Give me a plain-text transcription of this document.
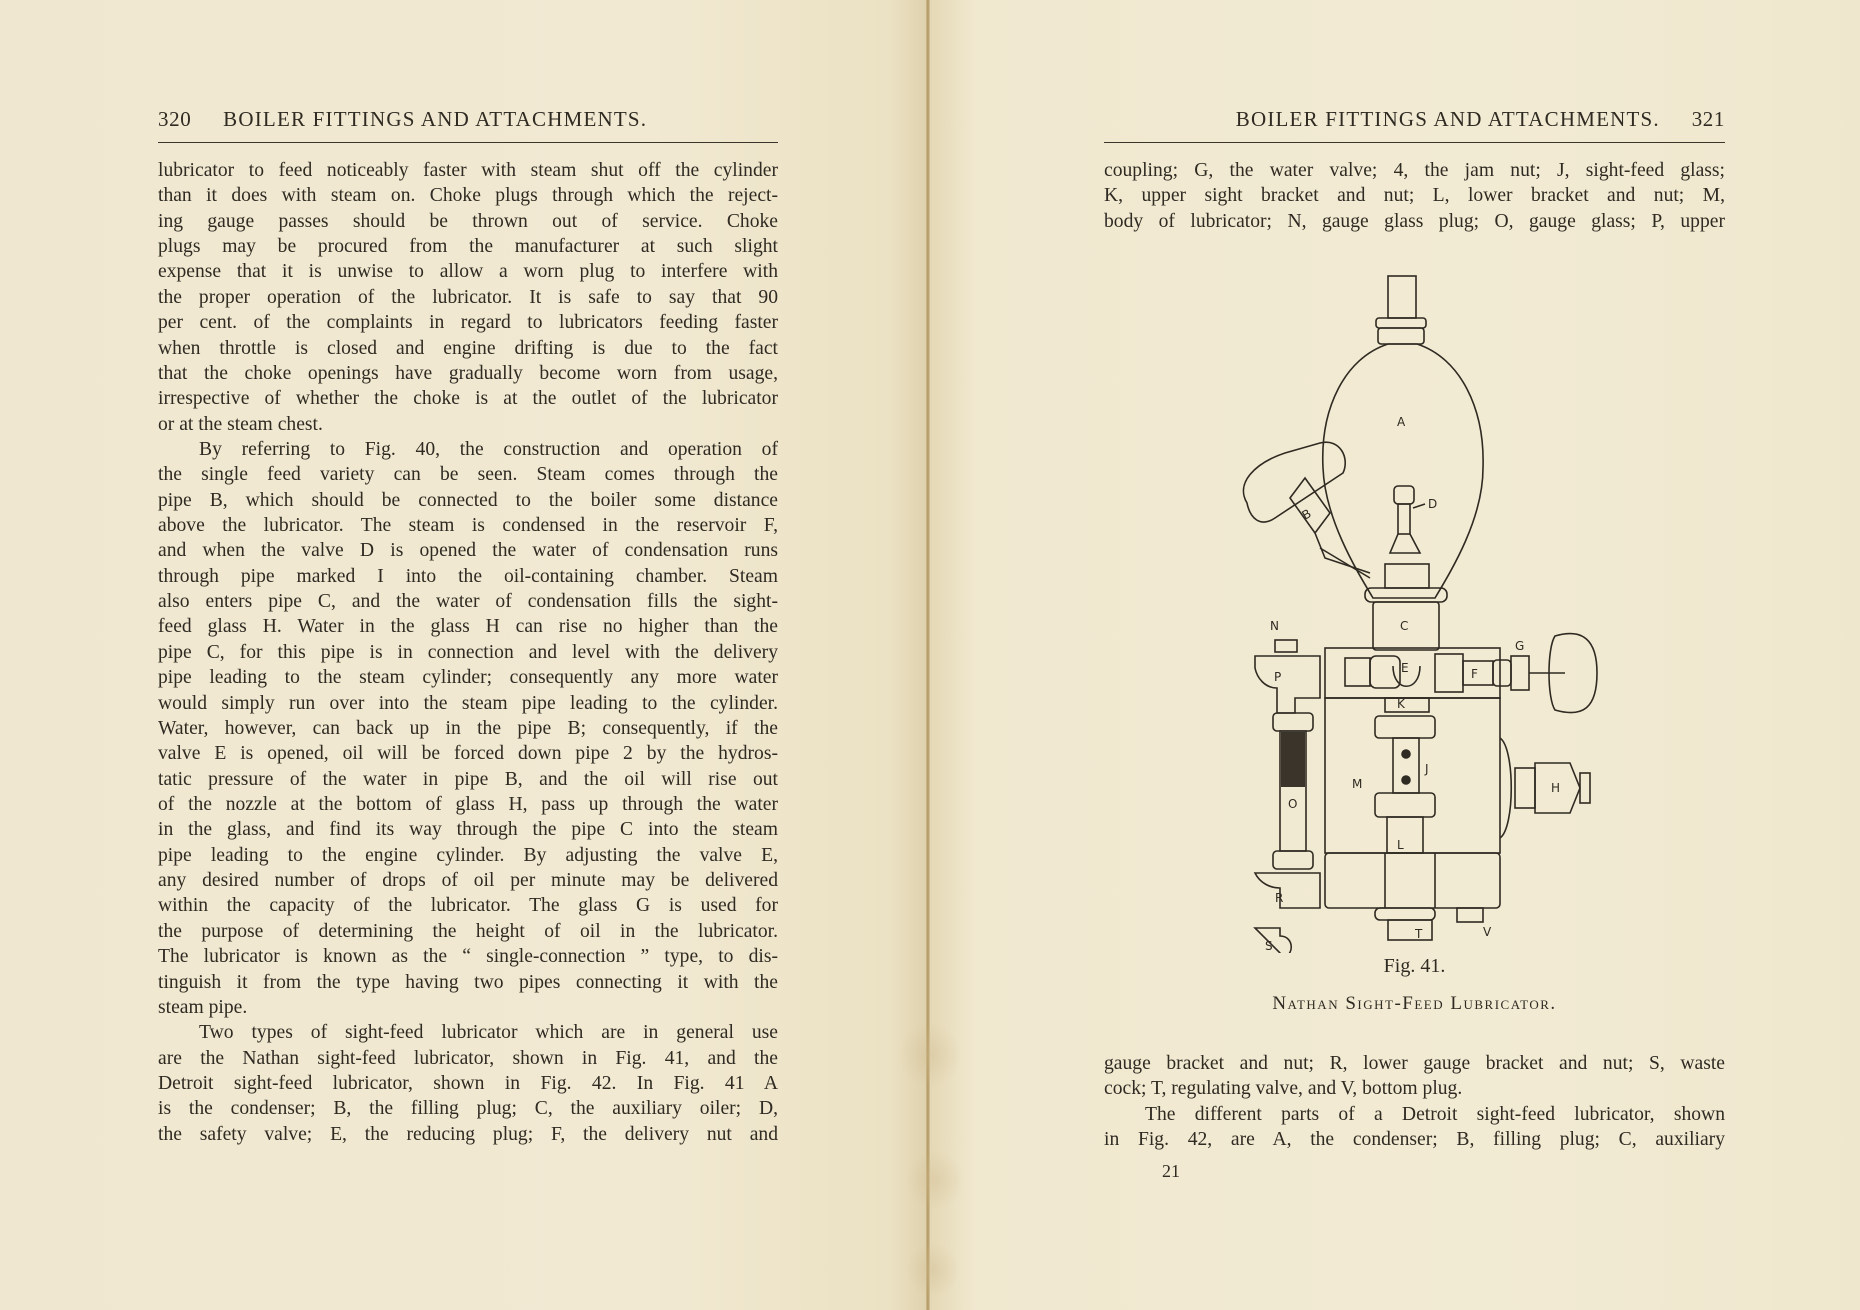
320 BOILER FITTINGS AND ATTACHMENTS.
lubricator to feed noticeably faster with steam shut off the cylinder
than it does with steam on. Choke plugs through which the reject-
ing gauge passes should be thrown out of service. Choke
plugs may be procured from the manufacturer at such slight
expense that it is unwise to allow a worn plug to interfere with
the proper operation of the lubricator. It is safe to say that 90
per cent. of the complaints in regard to lubricators feeding faster
when throttle is closed and engine drifting is due to the fact
that the choke openings have gradually become worn from usage,
irrespective of whether the choke is at the outlet of the lubricator
or at the steam chest.
By referring to Fig. 40, the construction and operation of
the single feed variety can be seen. Steam comes through the
pipe B, which should be connected to the boiler some distance
above the lubricator. The steam is condensed in the reservoir F,
and when the valve D is opened the water of condensation runs
through pipe marked I into the oil-containing chamber. Steam
also enters pipe C, and the water of condensation fills the sight-
feed glass H. Water in the glass H can rise no higher than the
pipe C, for this pipe is in connection and level with the delivery
pipe leading to the steam cylinder; consequently any more water
would simply run over into the steam pipe leading to the cylinder.
Water, however, can back up in the pipe B; consequently, if the
valve E is opened, oil will be forced down pipe 2 by the hydros-
tatic pressure of the water in pipe B, and the oil will rise out
of the nozzle at the bottom of glass H, pass up through the water
in the glass, and find its way through the pipe C into the steam
pipe leading to the engine cylinder. By adjusting the valve E,
any desired number of drops of oil per minute may be delivered
within the capacity of the lubricator. The glass G is used for
the purpose of determining the height of oil in the lubricator.
The lubricator is known as the “ single-connection ” type, to dis-
tinguish it from the type having two pipes connecting it with the
steam pipe.
Two types of sight-feed lubricator which are in general use
are the Nathan sight-feed lubricator, shown in Fig. 41, and the
Detroit sight-feed lubricator, shown in Fig. 42. In Fig. 41 A
is the condenser; B, the filling plug; C, the auxiliary oiler; D,
the safety valve; E, the reducing plug; F, the delivery nut and
BOILER FITTINGS AND ATTACHMENTS. 321
coupling; G, the water valve; 4, the jam nut; J, sight-feed glass;
K, upper sight bracket and nut; L, lower bracket and nut; M,
body of lubricator; N, gauge glass plug; O, gauge glass; P, upper
A
B
C
D
E	F
G
H
J
K
L
M
N
O
P
R
S
T	V
Fig. 41.
Nathan Sight-Feed Lubricator.
gauge bracket and nut; R, lower gauge bracket and nut; S, waste
cock; T, regulating valve, and V, bottom plug.
The different parts of a Detroit sight-feed lubricator, shown
in Fig. 42, are A, the condenser; B, filling plug; C, auxiliary
21
